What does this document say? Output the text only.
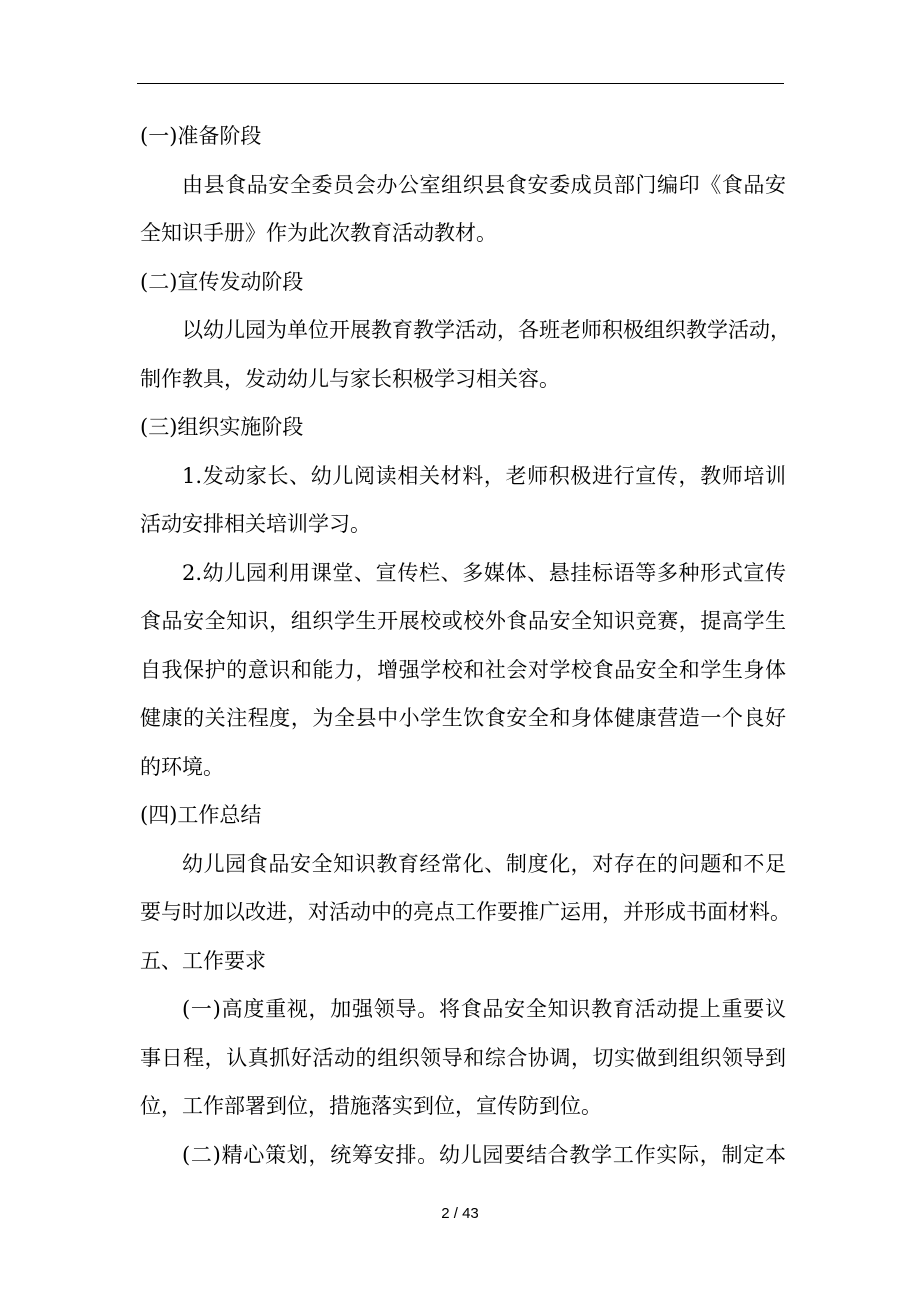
(一)准备阶段
由县食品安全委员会办公室组织县食安委成员部门编印《食品安
全知识手册》作为此次教育活动教材。
(二)宣传发动阶段
以幼儿园为单位开展教育教学活动，各班老师积极组织教学活动，
制作教具，发动幼儿与家长积极学习相关容。
(三)组织实施阶段
1.发动家长、幼儿阅读相关材料，老师积极进行宣传，教师培训
活动安排相关培训学习。
2.幼儿园利用课堂、宣传栏、多媒体、悬挂标语等多种形式宣传
食品安全知识，组织学生开展校或校外食品安全知识竞赛，提高学生
自我保护的意识和能力，增强学校和社会对学校食品安全和学生身体
健康的关注程度，为全县中小学生饮食安全和身体健康营造一个良好
的环境。
(四)工作总结
幼儿园食品安全知识教育经常化、制度化，对存在的问题和不足
要与时加以改进，对活动中的亮点工作要推广运用，并形成书面材料。
五、工作要求
(一)高度重视，加强领导。将食品安全知识教育活动提上重要议
事日程，认真抓好活动的组织领导和综合协调，切实做到组织领导到
位，工作部署到位，措施落实到位，宣传防到位。
(二)精心策划，统筹安排。幼儿园要结合教学工作实际，制定本
2 / 43
